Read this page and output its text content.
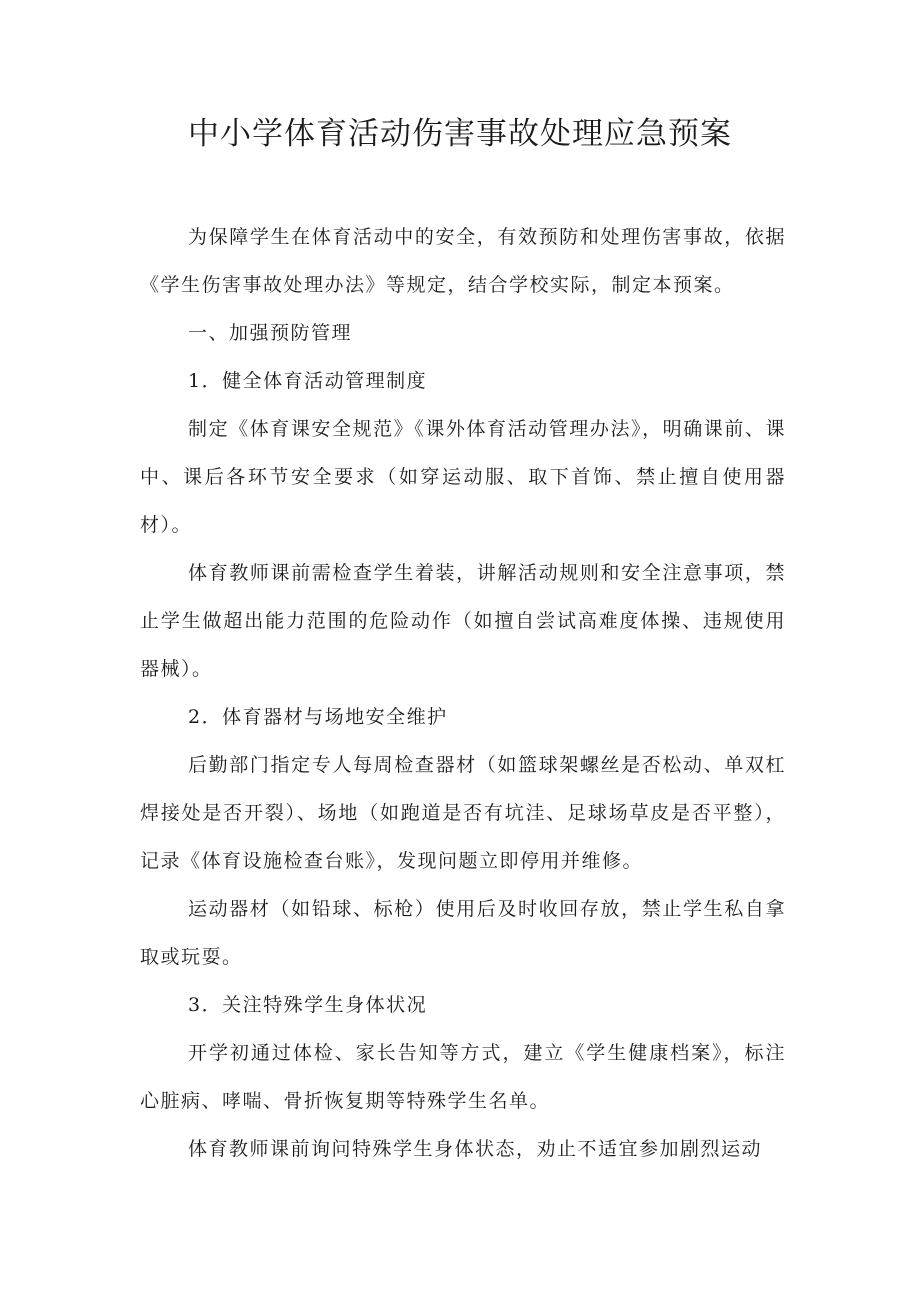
中小学体育活动伤害事故处理应急预案

为保障学生在体育活动中的安全，有效预防和处理伤害事故，依据《学生伤害事故处理办法》等规定，结合学校实际，制定本预案。

一、加强预防管理

1．健全体育活动管理制度

制定《体育课安全规范》《课外体育活动管理办法》，明确课前、课中、课后各环节安全要求（如穿运动服、取下首饰、禁止擅自使用器材）。

体育教师课前需检查学生着装，讲解活动规则和安全注意事项，禁止学生做超出能力范围的危险动作（如擅自尝试高难度体操、违规使用器械）。

2．体育器材与场地安全维护

后勤部门指定专人每周检查器材（如篮球架螺丝是否松动、单双杠焊接处是否开裂）、场地（如跑道是否有坑洼、足球场草皮是否平整），记录《体育设施检查台账》，发现问题立即停用并维修。

运动器材（如铅球、标枪）使用后及时收回存放，禁止学生私自拿取或玩耍。

3．关注特殊学生身体状况

开学初通过体检、家长告知等方式，建立《学生健康档案》，标注心脏病、哮喘、骨折恢复期等特殊学生名单。

体育教师课前询问特殊学生身体状态，劝止不适宜参加剧烈运动
